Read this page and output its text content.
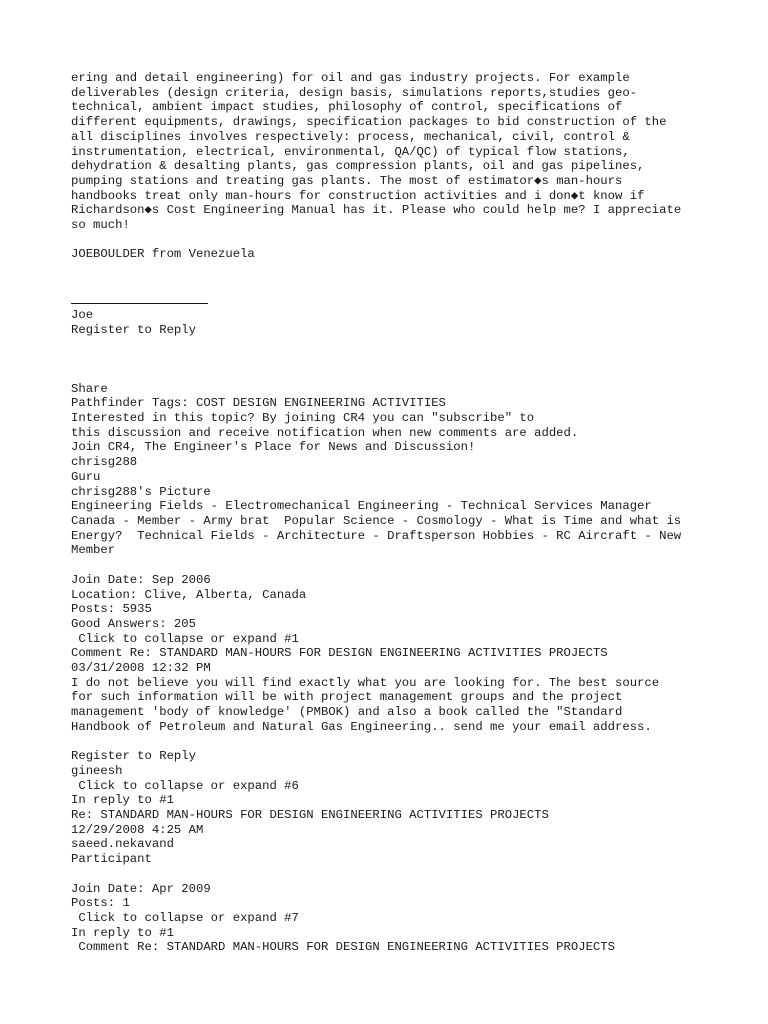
ering and detail engineering) for oil and gas industry projects. For example
deliverables (design criteria, design basis, simulations reports,studies geo-
technical, ambient impact studies, philosophy of control, specifications of
different equipments, drawings, specification packages to bid construction of the
all disciplines involves respectively: process, mechanical, civil, control &
instrumentation, electrical, environmental, QA/QC) of typical flow stations,
dehydration & desalting plants, gas compression plants, oil and gas pipelines,
pumping stations and treating gas plants. The most of estimator◆s man-hours
handbooks treat only man-hours for construction activities and i don◆t know if
Richardson◆s Cost Engineering Manual has it. Please who could help me? I appreciate
so much!
JOEBOULDER from Venezuela
Joe
Register to Reply
Share
Pathfinder Tags: COST DESIGN ENGINEERING ACTIVITIES
Interested in this topic? By joining CR4 you can "subscribe" to
this discussion and receive notification when new comments are added.
Join CR4, The Engineer's Place for News and Discussion!
chrisg288
Guru
chrisg288's Picture
Engineering Fields - Electromechanical Engineering - Technical Services Manager
Canada - Member - Army brat  Popular Science - Cosmology - What is Time and what is
Energy?  Technical Fields - Architecture - Draftsperson Hobbies - RC Aircraft - New
Member
Join Date: Sep 2006
Location: Clive, Alberta, Canada
Posts: 5935
Good Answers: 205
Click to collapse or expand #1
Comment Re: STANDARD MAN-HOURS FOR DESIGN ENGINEERING ACTIVITIES PROJECTS
03/31/2008 12:32 PM
I do not believe you will find exactly what you are looking for. The best source
for such information will be with project management groups and the project
management 'body of knowledge' (PMBOK) and also a book called the "Standard
Handbook of Petroleum and Natural Gas Engineering.. send me your email address.
Register to Reply
gineesh
Click to collapse or expand #6
In reply to #1
Re: STANDARD MAN-HOURS FOR DESIGN ENGINEERING ACTIVITIES PROJECTS
12/29/2008 4:25 AM
saeed.nekavand
Participant
Join Date: Apr 2009
Posts: 1
Click to collapse or expand #7
In reply to #1
Comment Re: STANDARD MAN-HOURS FOR DESIGN ENGINEERING ACTIVITIES PROJECTS
